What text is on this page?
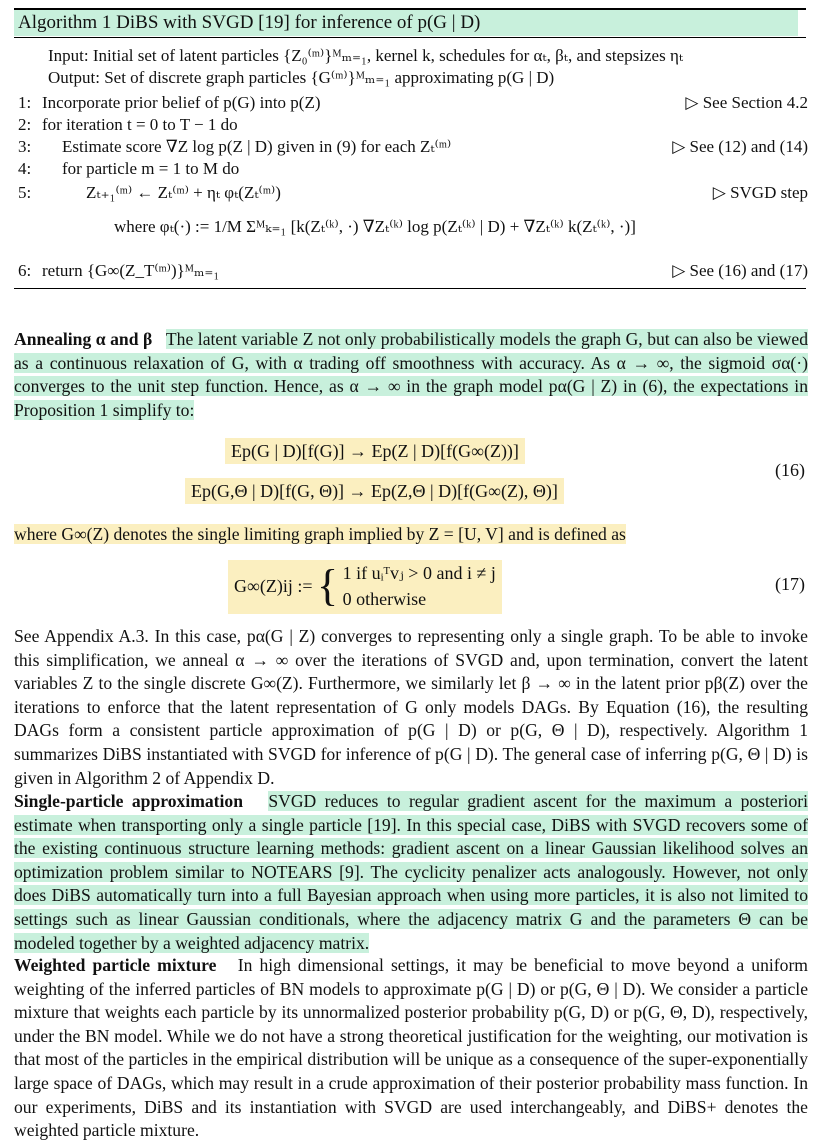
Algorithm 1 DiBS with SVGD [19] for inference of p(G | D)
Input: Initial set of latent particles {Z₀⁽ᵐ⁾}ᴹₘ₌₁, kernel k, schedules for αₜ, βₜ, and stepsizes ηₜ
Output: Set of discrete graph particles {G⁽ᵐ⁾}ᴹₘ₌₁ approximating p(G | D)
1: Incorporate prior belief of p(G) into p(Z)	▷ See Section 4.2
2: for iteration t = 0 to T − 1 do
3: Estimate score ∇Z log p(Z | D) given in (9) for each Zₜ⁽ᵐ⁾	▷ See (12) and (14)
4: for particle m = 1 to M do
5:	Zₜ₊₁⁽ᵐ⁾ ← Zₜ⁽ᵐ⁾ + ηₜ φₜ(Zₜ⁽ᵐ⁾)	▷ SVGD step
where φₜ(·) := 1/M Σᴹₖ₌₁ [k(Zₜ⁽ᵏ⁾, ·) ∇Zₜ⁽ᵏ⁾ log p(Zₜ⁽ᵏ⁾ | D) + ∇Zₜ⁽ᵏ⁾ k(Zₜ⁽ᵏ⁾, ·)]
6: return {G∞(Z_T⁽ᵐ⁾)}ᴹₘ₌₁	▷ See (16) and (17)
Annealing α and β The latent variable Z not only probabilistically models the graph G, but can also be viewed as a continuous relaxation of G, with α trading off smoothness with accuracy. As α → ∞, the sigmoid σα(·) converges to the unit step function. Hence, as α → ∞ in the graph model pα(G | Z) in (6), the expectations in Proposition 1 simplify to:
Ep(G | D)[f(G)] → Ep(Z | D)[f(G∞(Z))]
Ep(G,Θ | D)[f(G, Θ)] → Ep(Z,Θ | D)[f(G∞(Z), Θ)]
(16)
where G∞(Z) denotes the single limiting graph implied by Z = [U, V] and is defined as
G∞(Z)ij := { 1 if uᵢᵀvⱼ > 0 and i ≠ j
0 otherwise
(17)
See Appendix A.3. In this case, pα(G | Z) converges to representing only a single graph. To be able to invoke this simplification, we anneal α → ∞ over the iterations of SVGD and, upon termination, convert the latent variables Z to the single discrete G∞(Z). Furthermore, we similarly let β → ∞ in the latent prior pβ(Z) over the iterations to enforce that the latent representation of G only models DAGs. By Equation (16), the resulting DAGs form a consistent particle approximation of p(G | D) or p(G, Θ | D), respectively. Algorithm 1 summarizes DiBS instantiated with SVGD for inference of p(G | D). The general case of inferring p(G, Θ | D) is given in Algorithm 2 of Appendix D.
Single-particle approximation SVGD reduces to regular gradient ascent for the maximum a posteriori estimate when transporting only a single particle [19]. In this special case, DiBS with SVGD recovers some of the existing continuous structure learning methods: gradient ascent on a linear Gaussian likelihood solves an optimization problem similar to NOTEARS [9]. The cyclicity penalizer acts analogously. However, not only does DiBS automatically turn into a full Bayesian approach when using more particles, it is also not limited to settings such as linear Gaussian conditionals, where the adjacency matrix G and the parameters Θ can be modeled together by a weighted adjacency matrix.
Weighted particle mixture In high dimensional settings, it may be beneficial to move beyond a uniform weighting of the inferred particles of BN models to approximate p(G | D) or p(G, Θ | D). We consider a particle mixture that weights each particle by its unnormalized posterior probability p(G, D) or p(G, Θ, D), respectively, under the BN model. While we do not have a strong theoretical justification for the weighting, our motivation is that most of the particles in the empirical distribution will be unique as a consequence of the super-exponentially large space of DAGs, which may result in a crude approximation of their posterior probability mass function. In our experiments, DiBS and its instantiation with SVGD are used interchangeably, and DiBS+ denotes the weighted particle mixture.
